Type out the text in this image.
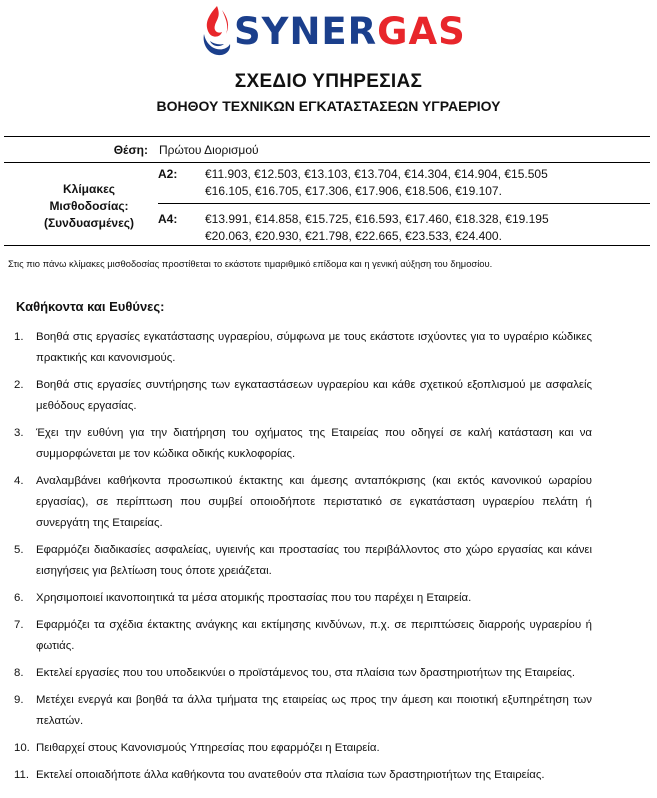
SYNERGAS
ΣΧΕΔΙΟ ΥΠΗΡΕΣΙΑΣ
ΒΟΗΘΟΥ ΤΕΧΝΙΚΩΝ ΕΓΚΑΤΑΣΤΑΣΕΩΝ ΥΓΡΑΕΡΙΟΥ
Θέση: Πρώτου Διορισμού
Κλίμακες
Μισθοδοσίας:
(Συνδυασμένες)
Α2: €11.903, €12.503, €13.103, €13.704, €14.304, €14.904, €15.505
€16.105, €16.705, €17.306, €17.906, €18.506, €19.107.
Α4: €13.991, €14.858, €15.725, €16.593, €17.460, €18.328, €19.195
€20.063, €20.930, €21.798, €22.665, €23.533, €24.400.
Στις πιο πάνω κλίμακες μισθοδοσίας προστίθεται το εκάστοτε τιμαριθμικό επίδομα και η γενική αύξηση του δημοσίου.
Καθήκοντα και Ευθύνες:
1. Βοηθά στις εργασίες εγκατάστασης υγραερίου, σύμφωνα με τους εκάστοτε ισχύοντες για το υγραέριο κώδικες πρακτικής και κανονισμούς.
2. Βοηθά στις εργασίες συντήρησης των εγκαταστάσεων υγραερίου και κάθε σχετικού εξοπλισμού με ασφαλείς μεθόδους εργασίας.
3. Έχει την ευθύνη για την διατήρηση του οχήματος της Εταιρείας που οδηγεί σε καλή κατάσταση και να συμμορφώνεται με τον κώδικα οδικής κυκλοφορίας.
4. Αναλαμβάνει καθήκοντα προσωπικού έκτακτης και άμεσης ανταπόκρισης (και εκτός κανονικού ωραρίου εργασίας), σε περίπτωση που συμβεί οποιοδήποτε περιστατικό σε εγκατάσταση υγραερίου πελάτη ή συνεργάτη της Εταιρείας.
5. Εφαρμόζει διαδικασίες ασφαλείας, υγιεινής και προστασίας του περιβάλλοντος στο χώρο εργασίας και κάνει εισηγήσεις για βελτίωση τους όποτε χρειάζεται.
6. Χρησιμοποιεί ικανοποιητικά τα μέσα ατομικής προστασίας που του παρέχει η Εταιρεία.
7. Εφαρμόζει τα σχέδια έκτακτης ανάγκης και εκτίμησης κινδύνων, π.χ. σε περιπτώσεις διαρροής υγραερίου ή φωτιάς.
8. Εκτελεί εργασίες που του υποδεικνύει ο προϊστάμενος του, στα πλαίσια των δραστηριοτήτων της Εταιρείας.
9. Μετέχει ενεργά και βοηθά τα άλλα τμήματα της εταιρείας ως προς την άμεση και ποιοτική εξυπηρέτηση των πελατών.
10. Πειθαρχεί στους Κανονισμούς Υπηρεσίας που εφαρμόζει η Εταιρεία.
11. Εκτελεί οποιαδήποτε άλλα καθήκοντα του ανατεθούν στα πλαίσια των δραστηριοτήτων της Εταιρείας.
